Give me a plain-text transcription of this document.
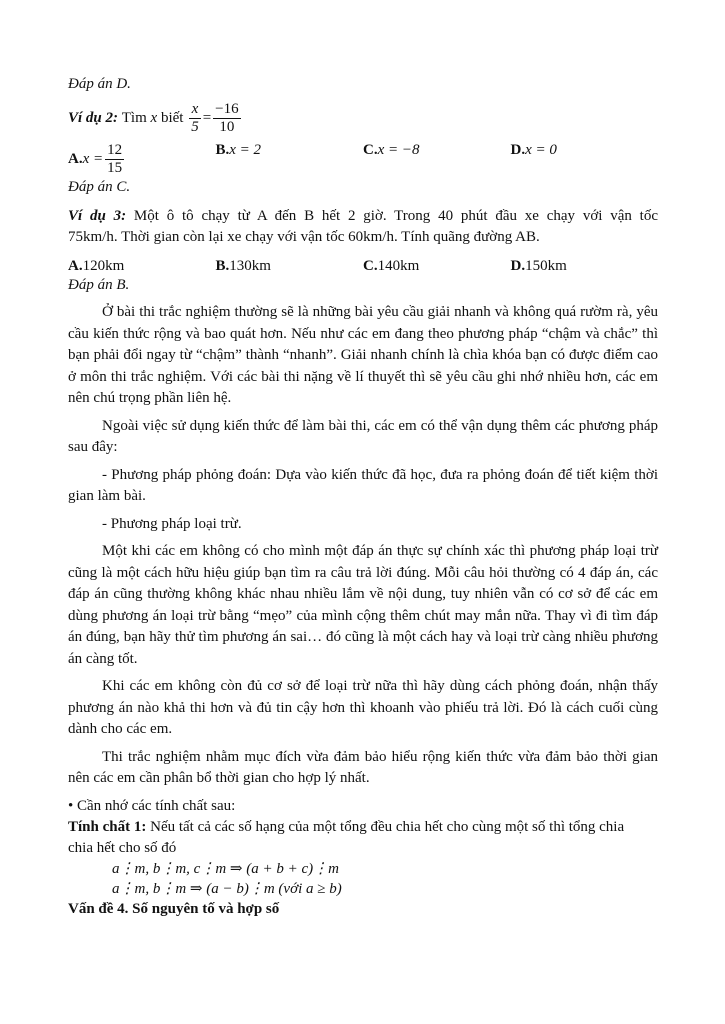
Đáp án D.
Ví dụ 2:
Tìm
x
biết
$\frac{x}{5} = \frac{-16}{10}$
A. $x = \frac{12}{15}$	B.x = 2	C.x = −8	D.x = 0
Đáp án C.
Ví dụ 3: Một ô tô chạy từ A đến B hết 2 giờ. Trong 40 phút đầu xe chạy với vận tốc
75km/h. Thời gian còn lại xe chạy với vận tốc 60km/h. Tính quãng đường AB.
A.120km	B.130km	C.140km	D.150km
Đáp án B.

Ở bài thi trắc nghiệm thường sẽ là những bài yêu cầu giải nhanh và không quá rườm rà, yêu cầu kiến thức rộng và bao quát hơn. Nếu như các em đang theo phương pháp “chậm và chắc” thì bạn phải đổi ngay từ “chậm” thành “nhanh”. Giải nhanh chính là chìa khóa bạn có được điểm cao ở môn thi trắc nghiệm. Với các bài thi nặng về lí thuyết thì sẽ yêu cầu ghi nhớ nhiều hơn, các em nên chú trọng phần liên hệ.

Ngoài việc sử dụng kiến thức để làm bài thi, các em có thể vận dụng thêm các phương pháp sau đây:

- Phương pháp phỏng đoán: Dựa vào kiến thức đã học, đưa ra phỏng đoán để tiết kiệm thời gian làm bài.

- Phương pháp loại trừ.

Một khi các em không có cho mình một đáp án thực sự chính xác thì phương pháp loại trừ cũng là một cách hữu hiệu giúp bạn tìm ra câu trả lời đúng. Mỗi câu hỏi thường có 4 đáp án, các đáp án cũng thường không khác nhau nhiều lắm về nội dung, tuy nhiên vẫn có cơ sở để các em dùng phương án loại trừ bằng “mẹo” của mình cộng thêm chút may mắn nữa. Thay vì đi tìm đáp án đúng, bạn hãy thử tìm phương án sai… đó cũng là một cách hay và loại trừ càng nhiều phương án càng tốt.

Khi các em không còn đủ cơ sở để loại trừ nữa thì hãy dùng cách phỏng đoán, nhận thấy phương án nào khả thi hơn và đủ tin cậy hơn thì khoanh vào phiếu trả lời. Đó là cách cuối cùng dành cho các em.

Thi trắc nghiệm nhằm mục đích vừa đảm bảo hiểu rộng kiến thức vừa đảm bảo thời gian nên các em cần phân bổ thời gian cho hợp lý nhất.

• Cần nhớ các tính chất sau:
Tính chất 1: Nếu tất cả các số hạng của một tổng đều chia hết cho cùng một số thì tổng chia chia hết cho số đó
a⋮m, b⋮m, c⋮m ⇒ (a + b + c)⋮m
a⋮m, b⋮m ⇒ (a − b)⋮m (với a ≥ b)
Vấn đề 4. Số nguyên tố và hợp số
